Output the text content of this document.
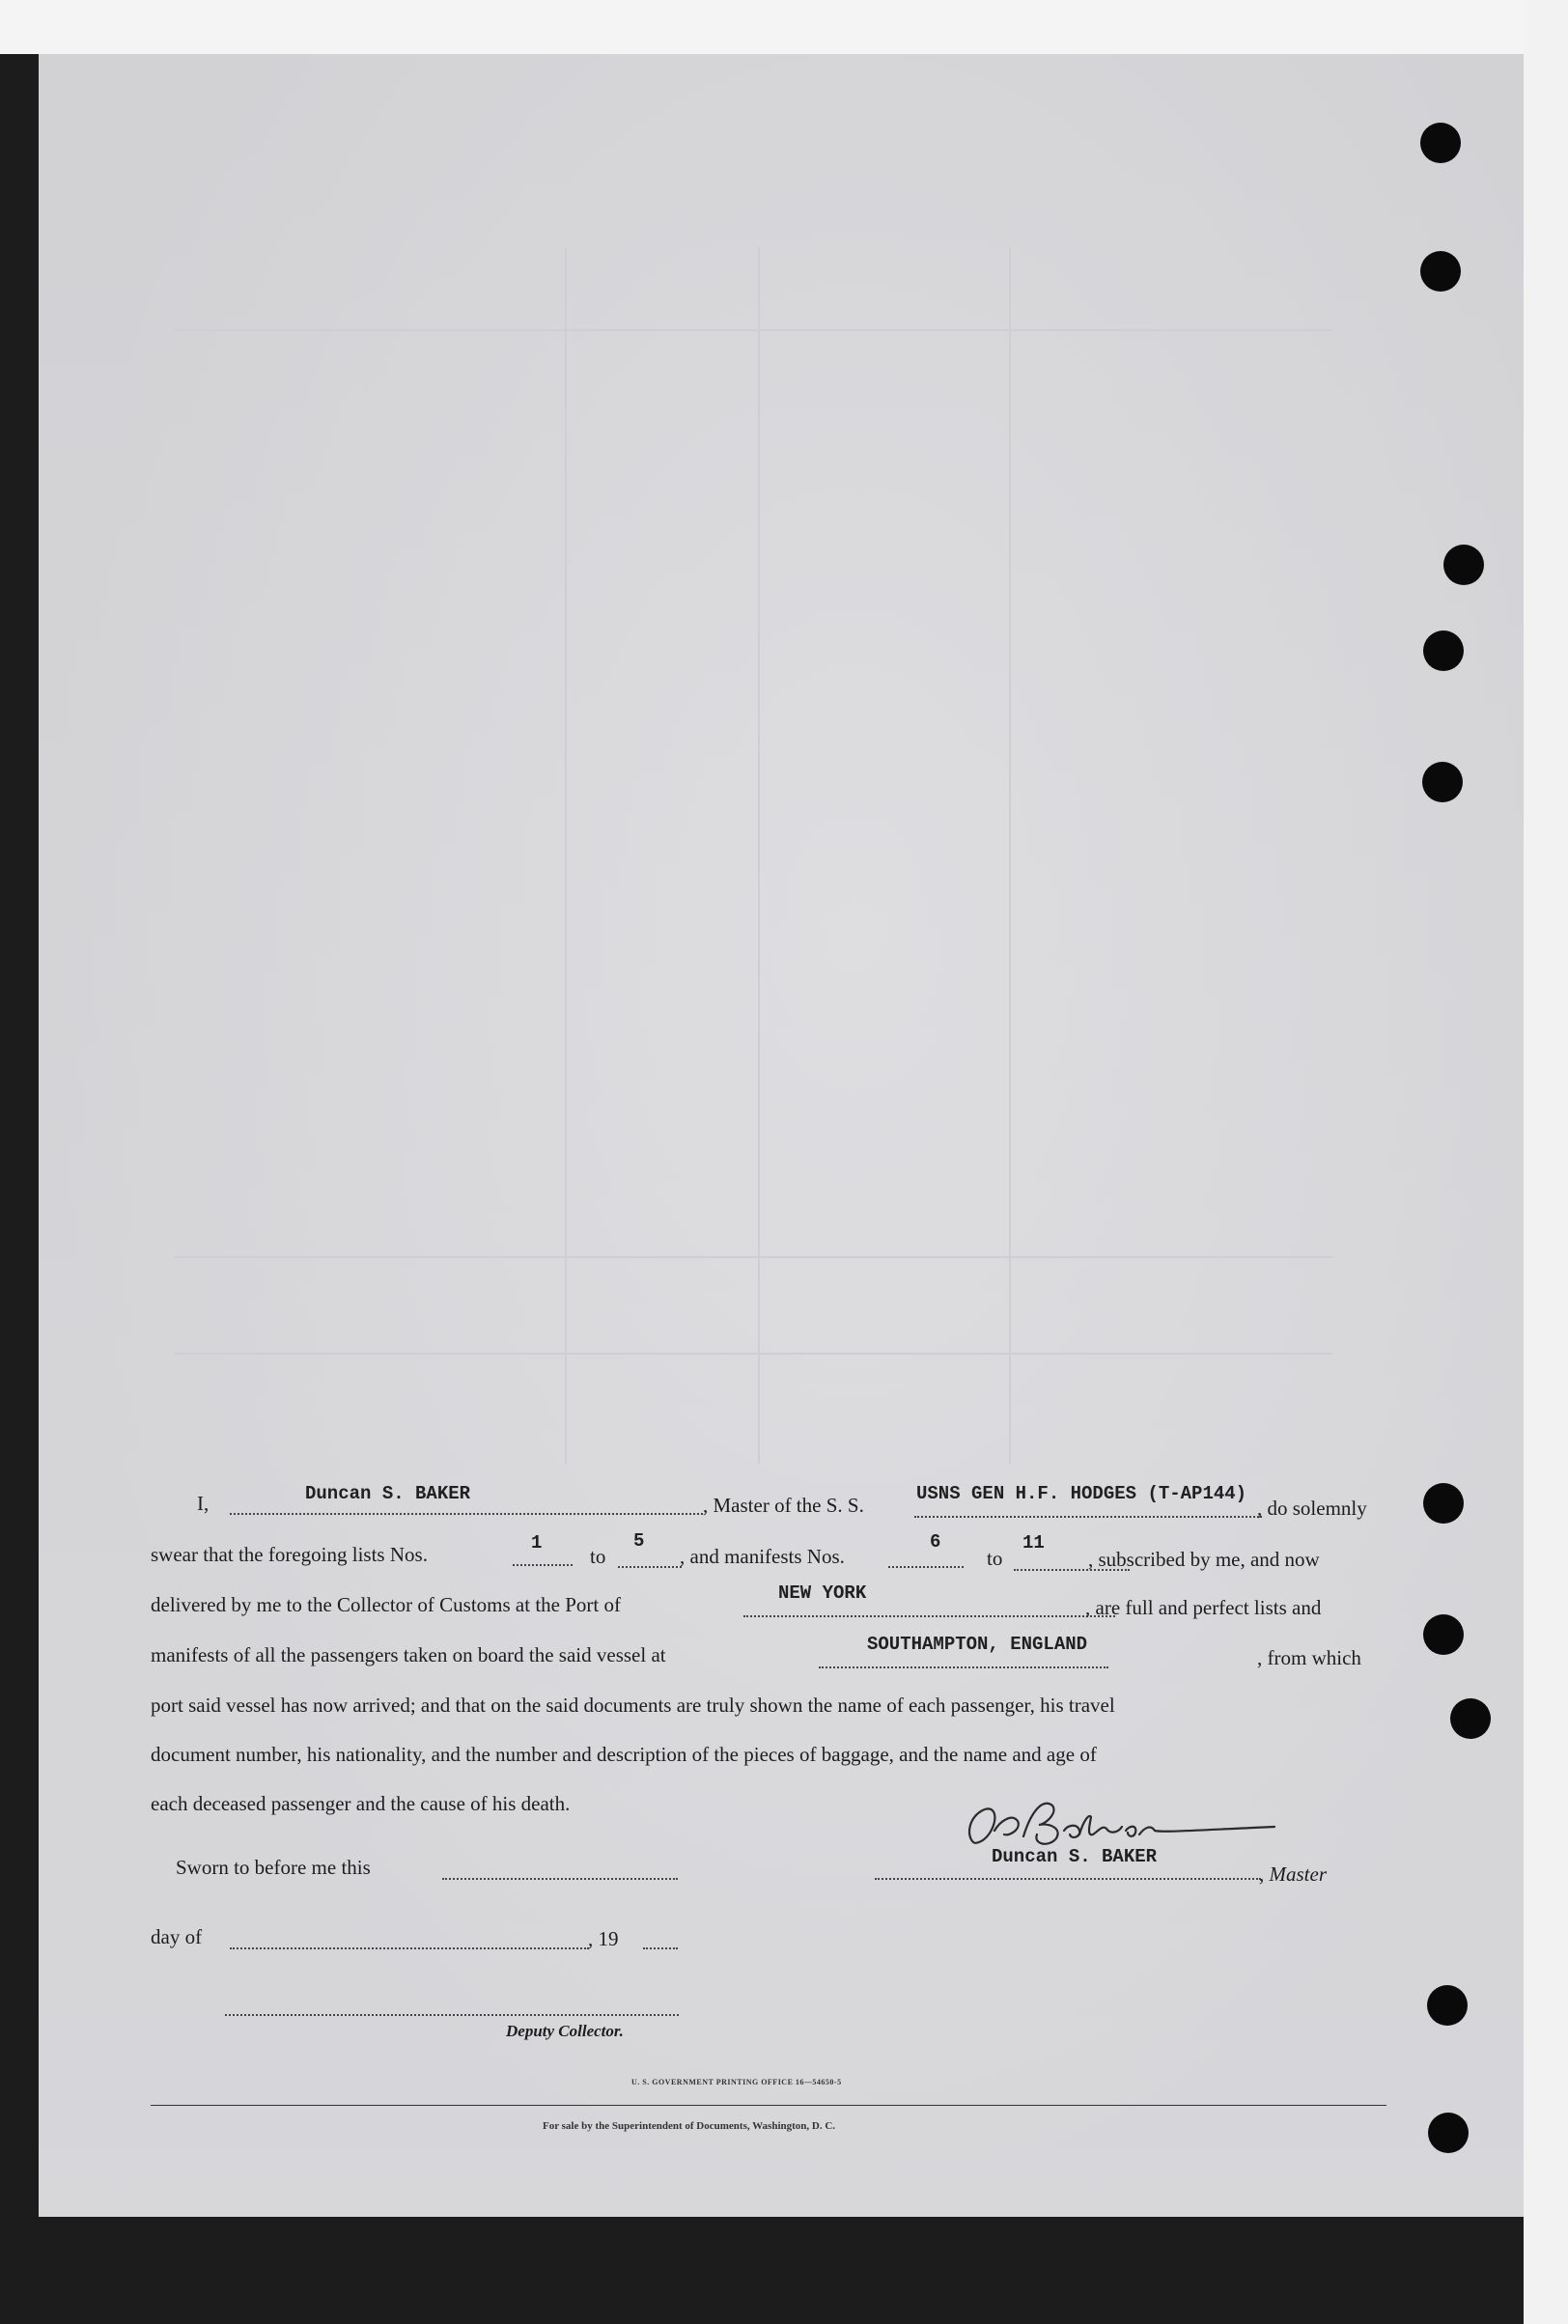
I,	Duncan S. BAKER	, Master of the S. S.	USNS GEN H.F. HODGES (T-AP144)
, do solemnly
swear that the foregoing lists Nos.	1
to
5
, and manifests Nos.
6
to
11
, subscribed by me, and now
delivered by me to the Collector of Customs at the Port of	NEW YORK
, are full and perfect lists and
manifests of all the passengers taken on board the said vessel at	SOUTHAMPTON, ENGLAND
, from which
port said vessel has now arrived; and that on the said documents are truly shown the name of each passenger, his travel
document number, his nationality, and the number and description of the pieces of baggage, and the name and age of
each deceased passenger and the cause of his death.
Duncan S. BAKER
, Master
Sworn to before me this
day of	, 19
Deputy Collector.
U. S. GOVERNMENT PRINTING OFFICE 16—54650-5
For sale by the Superintendent of Documents, Washington, D. C.
